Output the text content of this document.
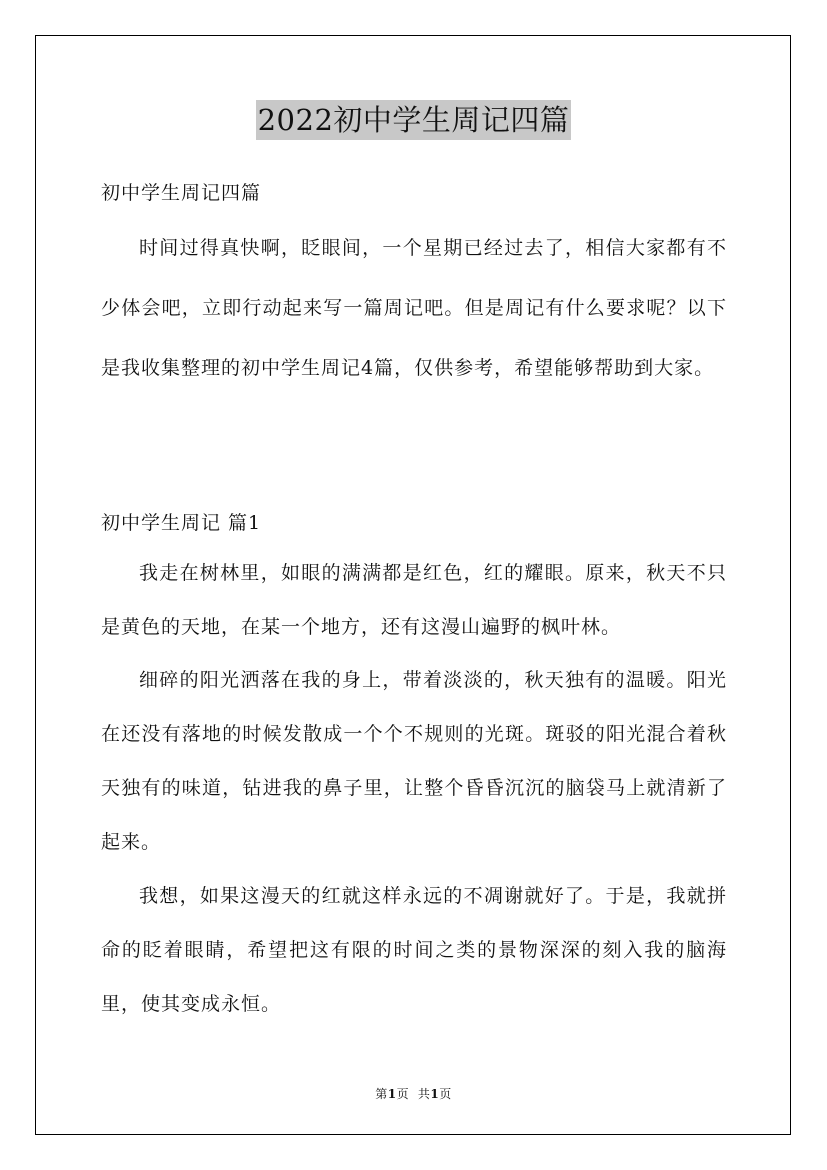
2022初中学生周记四篇

初中学生周记四篇

时间过得真快啊，眨眼间，一个星期已经过去了，相信大家都有不少体会吧，立即行动起来写一篇周记吧。但是周记有什么要求呢？以下是我收集整理的初中学生周记4篇，仅供参考，希望能够帮助到大家。

初中学生周记 篇1

我走在树林里，如眼的满满都是红色，红的耀眼。原来，秋天不只是黄色的天地，在某一个地方，还有这漫山遍野的枫叶林。

细碎的阳光洒落在我的身上，带着淡淡的，秋天独有的温暖。阳光在还没有落地的时候发散成一个个不规则的光斑。斑驳的阳光混合着秋天独有的味道，钻进我的鼻子里，让整个昏昏沉沉的脑袋马上就清新了起来。

我想，如果这漫天的红就这样永远的不凋谢就好了。于是，我就拼命的眨着眼睛，希望把这有限的时间之类的景物深深的刻入我的脑海里，使其变成永恒。

第1页 共1页
